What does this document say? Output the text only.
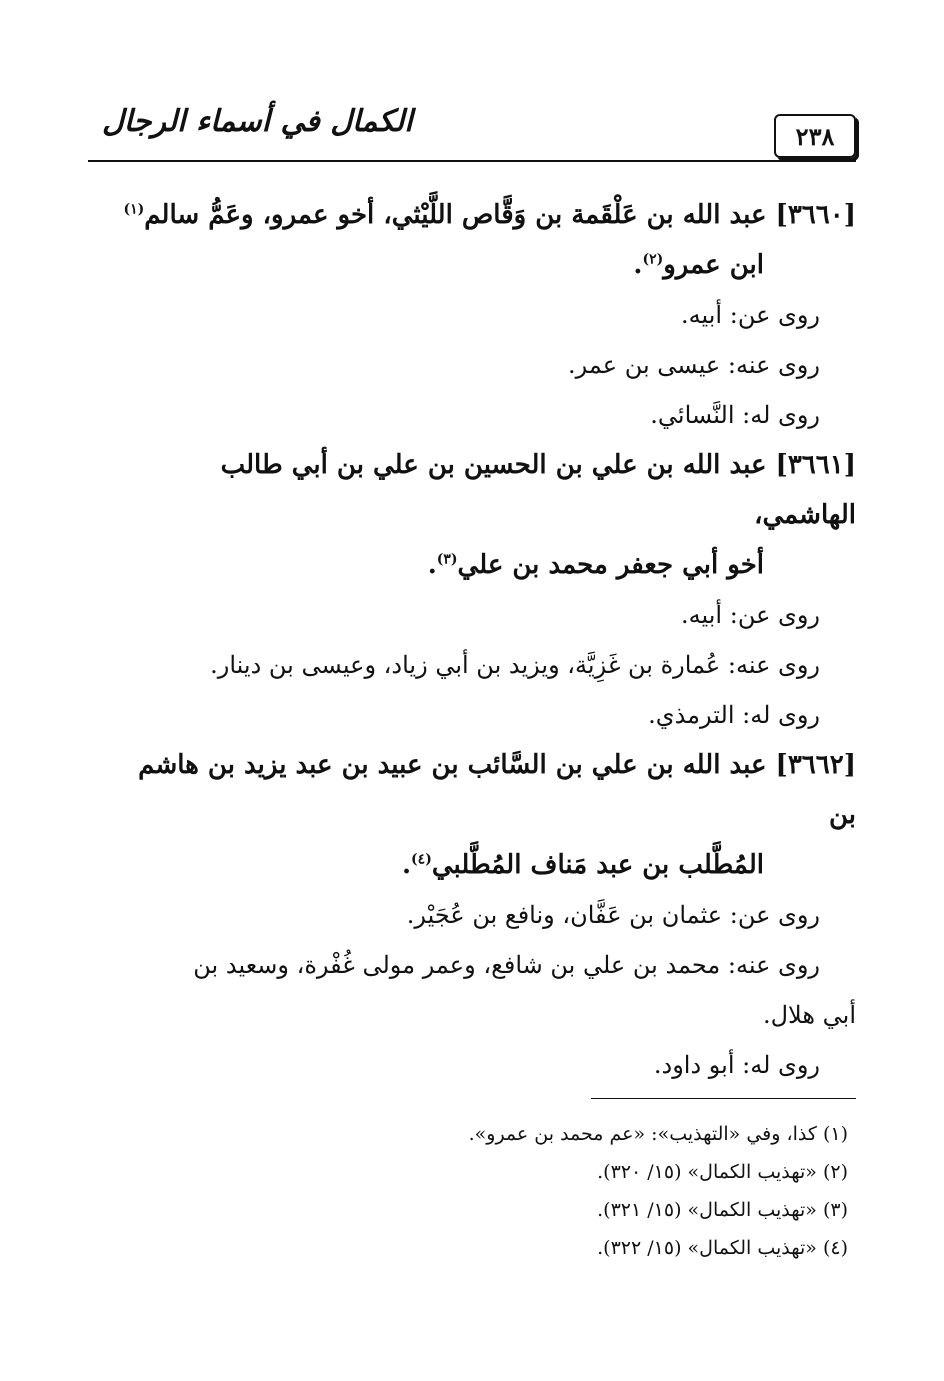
الكمال في أسماء الرجال	٢٣٨

[٣٦٦٠] عبد الله بن عَلْقَمة بن وَقَّاص اللَّيْثي، أخو عمرو، وعَمُّ سالم$^{(١)}$
ابن عمرو$^{(٢)}$.

روى عن: أبيه.

روى عنه: عيسى بن عمر.

روى له: النَّسائي.

[٣٦٦١] عبد الله بن علي بن الحسين بن علي بن أبي طالب الهاشمي،
أخو أبي جعفر محمد بن علي$^{(٣)}$.

روى عن: أبيه.

روى عنه: عُمارة بن غَزِيَّة، ويزيد بن أبي زياد، وعيسى بن دينار.

روى له: الترمذي.

[٣٦٦٢] عبد الله بن علي بن السَّائب بن عبيد بن عبد يزيد بن هاشم بن
المُطَّلب بن عبد مَناف المُطَّلبي$^{(٤)}$.

روى عن: عثمان بن عَفَّان، ونافع بن عُجَيْر.

روى عنه: محمد بن علي بن شافع، وعمر مولى غُفْرة، وسعيد بن
أبي هلال.

روى له: أبو داود.

(١) كذا، وفي «التهذيب»: «عم محمد بن عمرو».

(٢) «تهذيب الكمال» (١٥/ ٣٢٠).

(٣) «تهذيب الكمال» (١٥/ ٣٢١).

(٤) «تهذيب الكمال» (١٥/ ٣٢٢).
